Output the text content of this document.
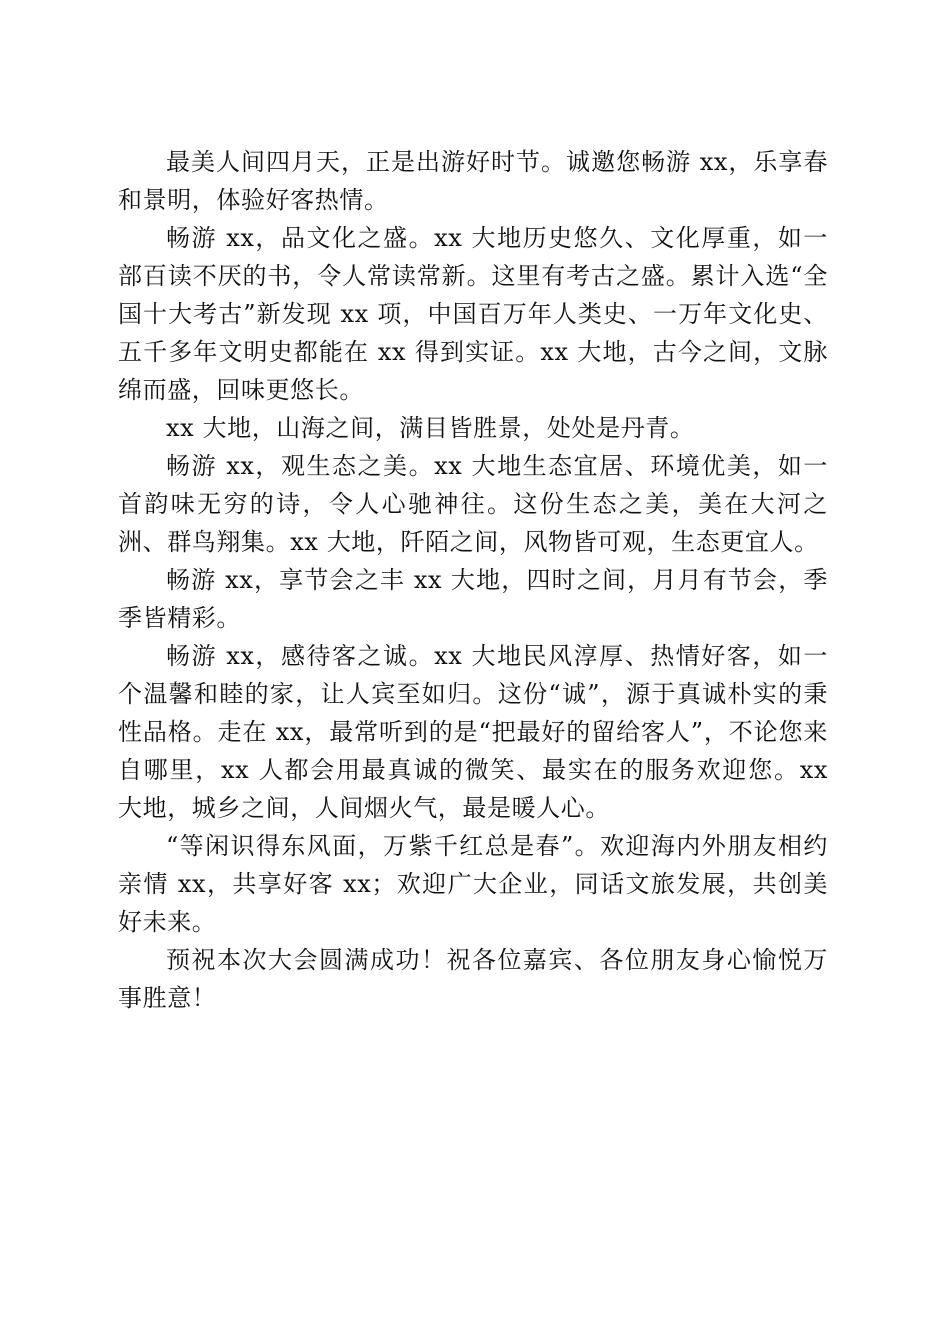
最美人间四月天，正是出游好时节。诚邀您畅游 xx，乐享春和景明，体验好客热情。

畅游 xx，品文化之盛。xx 大地历史悠久、文化厚重，如一部百读不厌的书，令人常读常新。这里有考古之盛。累计入选“全国十大考古”新发现 xx 项，中国百万年人类史、一万年文化史、五千多年文明史都能在 xx 得到实证。xx 大地，古今之间，文脉绵而盛，回味更悠长。

xx 大地，山海之间，满目皆胜景，处处是丹青。

畅游 xx，观生态之美。xx 大地生态宜居、环境优美，如一首韵味无穷的诗，令人心驰神往。这份生态之美，美在大河之洲、群鸟翔集。xx 大地，阡陌之间，风物皆可观，生态更宜人。

畅游 xx，享节会之丰 xx 大地，四时之间，月月有节会，季季皆精彩。

畅游 xx，感待客之诚。xx 大地民风淳厚、热情好客，如一个温馨和睦的家，让人宾至如归。这份“诚”，源于真诚朴实的秉性品格。走在 xx，最常听到的是“把最好的留给客人”，不论您来自哪里，xx 人都会用最真诚的微笑、最实在的服务欢迎您。xx 大地，城乡之间，人间烟火气，最是暖人心。

“等闲识得东风面，万紫千红总是春”。欢迎海内外朋友相约亲情 xx，共享好客 xx；欢迎广大企业，同话文旅发展，共创美好未来。

预祝本次大会圆满成功！祝各位嘉宾、各位朋友身心愉悦万事胜意！
